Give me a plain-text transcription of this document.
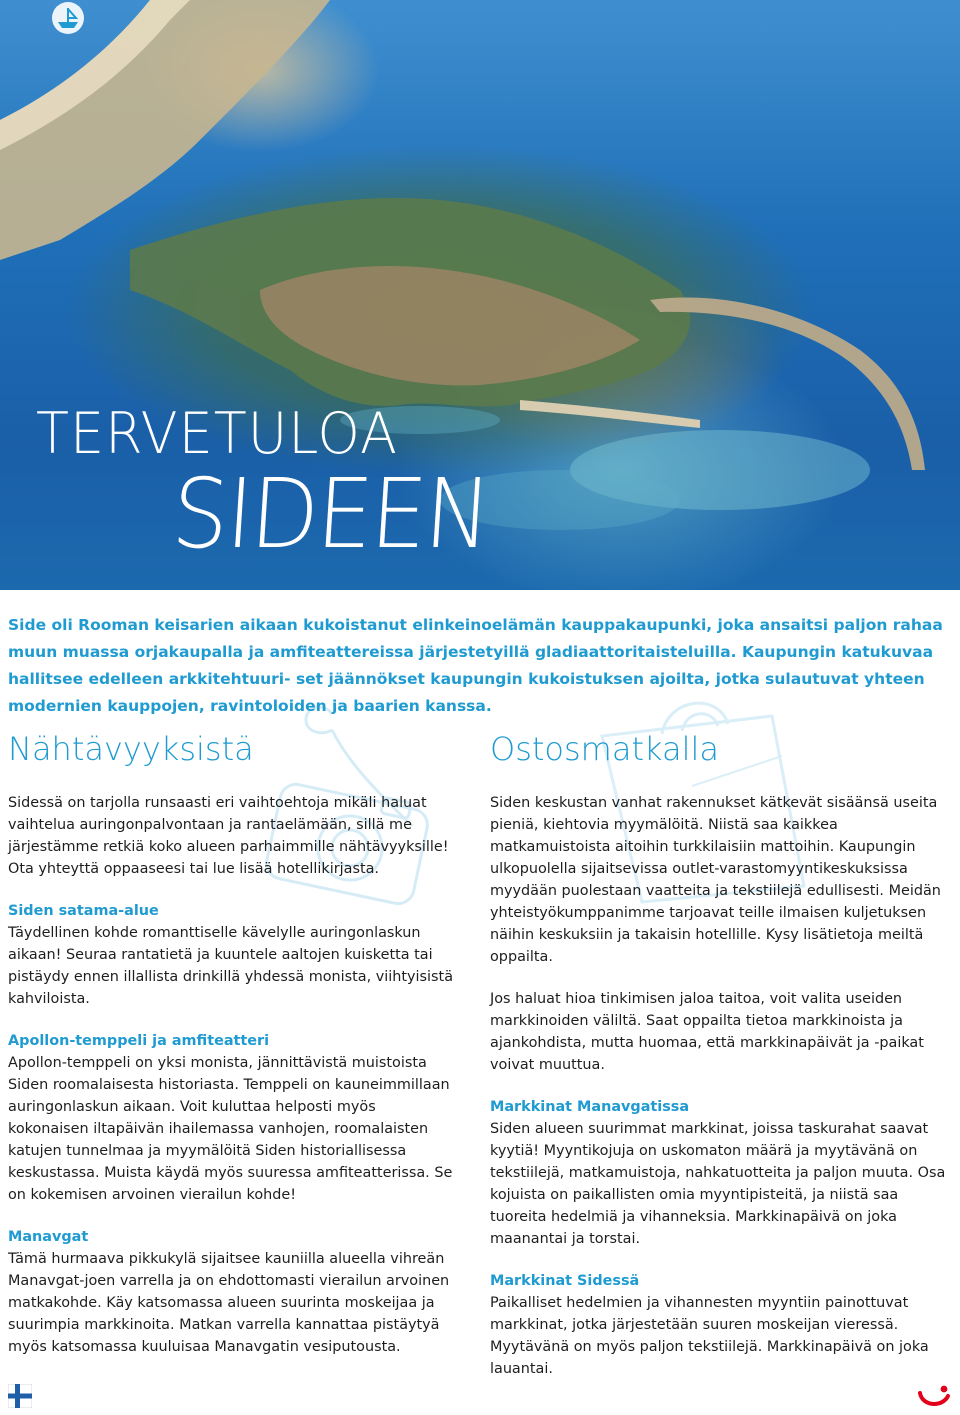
TERVETULOA
SIDEEN

Side oli Rooman keisarien aikaan kukoistanut elinkeinoelämän kauppakaupunki, joka ansaitsi paljon rahaa muun muassa orjakaupalla ja amfiteattereissa järjestetyillä gladiaattoritaisteluilla. Kaupungin katukuvaa hallitsee edelleen arkkitehtuuri- set jäännökset kaupungin kukoistuksen ajoilta, jotka sulautuvat yhteen modernien kauppojen, ravintoloiden ja baarien kanssa.

Nähtävyyksistä

Sidessä on tarjolla runsaasti eri vaihtoehtoja mikäli haluat vaihtelua auringonpalvontaan ja rantaelämään, sillä me järjestämme retkiä koko alueen parhaimmille nähtävyyksille! Ota yhteyttä oppaaseesi tai lue lisää hotellikirjasta.

Siden satama-alue

Täydellinen kohde romanttiselle kävelylle auringonlaskun aikaan! Seuraa rantatietä ja kuuntele aaltojen kuisketta tai pistäydy ennen illallista drinkillä yhdessä monista, viihtyisistä kahviloista.

Apollon-temppeli ja amfiteatteri

Apollon-temppeli on yksi monista, jännittävistä muistoista Siden roomalaisesta historiasta. Temppeli on kauneimmillaan auringonlaskun aikaan. Voit kuluttaa helposti myös kokonaisen iltapäivän ihailemassa vanhojen, roomalaisten katujen tunnelmaa ja myymälöitä Siden historiallisessa keskustassa. Muista käydä myös suuressa amfiteatterissa. Se on kokemisen arvoinen vierailun kohde!

Manavgat

Tämä hurmaava pikkukylä sijaitsee kauniilla alueella vihreän Manavgat-joen varrella ja on ehdottomasti vierailun arvoinen matkakohde. Käy katsomassa alueen suurinta moskeijaa ja suurimpia markkinoita. Matkan varrella kannattaa pistäytyä myös katsomassa kuuluisaa Manavgatin vesiputousta.

Ostosmatkalla

Siden keskustan vanhat rakennukset kätkevät sisäänsä useita pieniä, kiehtovia myymälöitä. Niistä saa kaikkea matkamuistoista aitoihin turkkilaisiin mattoihin. Kaupungin ulkopuolella sijaitsevissa outlet-varastomyyntikeskuksissa myydään puolestaan vaatteita ja tekstiilejä edullisesti. Meidän yhteistyökumppanimme tarjoavat teille ilmaisen kuljetuksen näihin keskuksiin ja takaisin hotellille. Kysy lisätietoja meiltä oppailta.

Jos haluat hioa tinkimisen jaloa taitoa, voit valita useiden markkinoiden väliltä. Saat oppailta tietoa markkinoista ja ajankohdista, mutta huomaa, että markkinapäivät ja -paikat voivat muuttua.

Markkinat Manavgatissa

Siden alueen suurimmat markkinat, joissa taskurahat saavat kyytiä! Myyntikojuja on uskomaton määrä ja myytävänä on tekstiilejä, matkamuistoja, nahkatuotteita ja paljon muuta. Osa kojuista on paikallisten omia myyntipisteitä, ja niistä saa tuoreita hedelmiä ja vihanneksia. Markkinapäivä on joka maanantai ja torstai.

Markkinat Sidessä

Paikalliset hedelmien ja vihannesten myyntiin painottuvat markkinat, jotka järjestetään suuren moskeijan vieressä. Myytävänä on myös paljon tekstiilejä. Markkinapäivä on joka lauantai.
